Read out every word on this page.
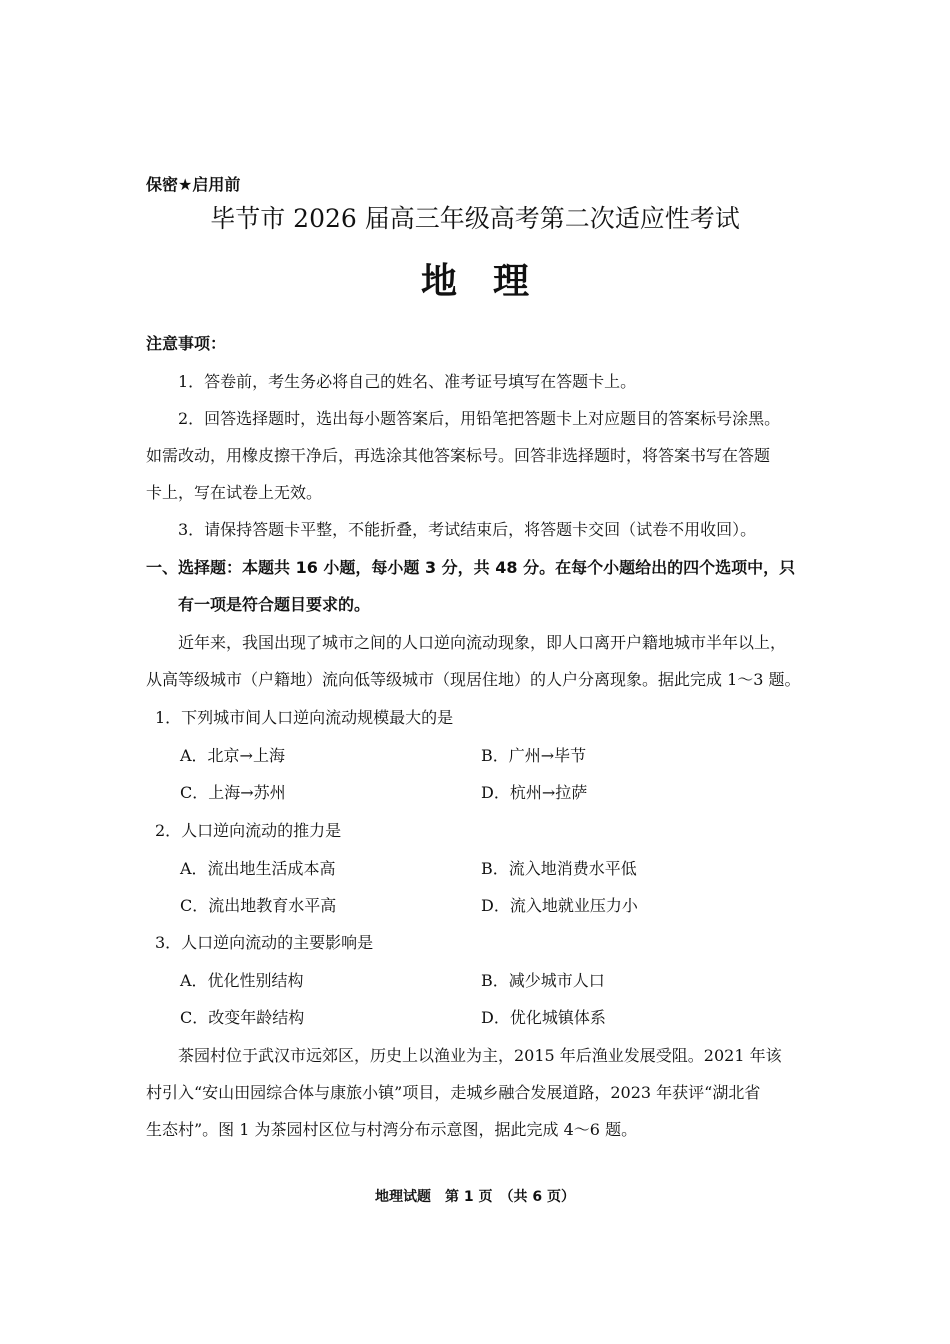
保密★启用前
毕节市 2026 届高三年级高考第二次适应性考试
地理
注意事项：
1．答卷前，考生务必将自己的姓名、准考证号填写在答题卡上。
2．回答选择题时，选出每小题答案后，用铅笔把答题卡上对应题目的答案标号涂黑。
如需改动，用橡皮擦干净后，再选涂其他答案标号。回答非选择题时，将答案书写在答题
卡上，写在试卷上无效。
3．请保持答题卡平整，不能折叠，考试结束后，将答题卡交回（试卷不用收回）。
一、选择题：本题共 16 小题，每小题 3 分，共 48 分。在每个小题给出的四个选项中，只
有一项是符合题目要求的。
近年来，我国出现了城市之间的人口逆向流动现象，即人口离开户籍地城市半年以上，
从高等级城市（户籍地）流向低等级城市（现居住地）的人户分离现象。据此完成 1～3 题。
1．下列城市间人口逆向流动规模最大的是
A．北京→上海	B．广州→毕节
C．上海→苏州	D．杭州→拉萨
2．人口逆向流动的推力是
A．流出地生活成本高	B．流入地消费水平低
C．流出地教育水平高	D．流入地就业压力小
3．人口逆向流动的主要影响是
A．优化性别结构	B．减少城市人口
C．改变年龄结构	D．优化城镇体系
茶园村位于武汉市远郊区，历史上以渔业为主，2015 年后渔业发展受阻。2021 年该
村引入“安山田园综合体与康旅小镇”项目，走城乡融合发展道路，2023 年获评“湖北省
生态村”。图 1 为茶园村区位与村湾分布示意图，据此完成 4～6 题。
地理试题　第 1 页　（共 6 页）
